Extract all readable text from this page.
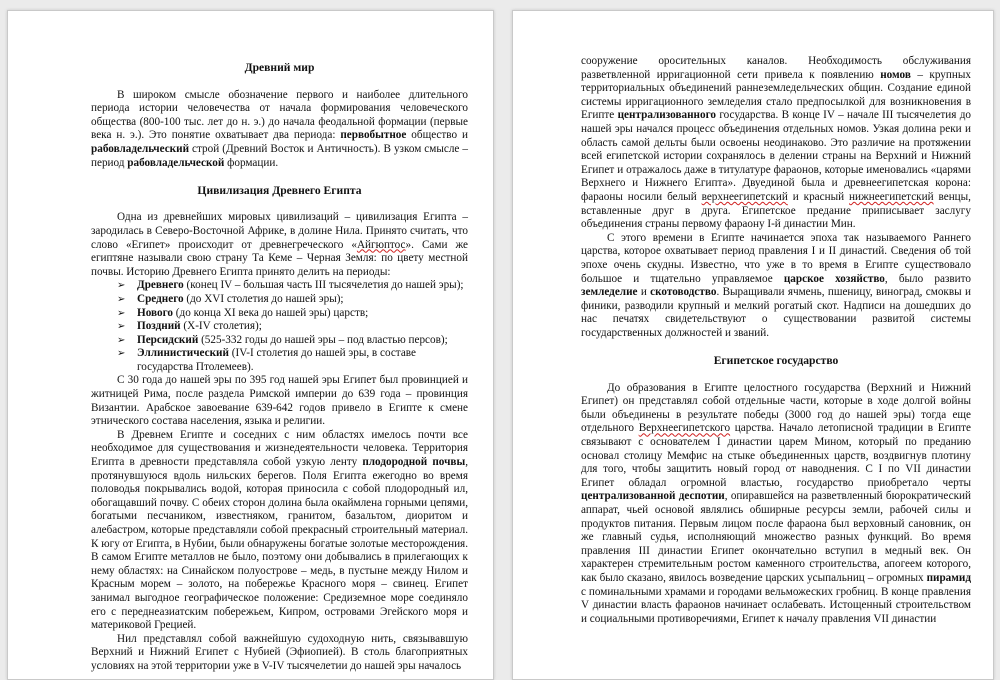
Древний мир

В широком смысле обозначение первого и наиболее длительного периода истории человечества от начала формирования человеческого общества (800-100 тыс. лет до н. э.) до начала феодальной формации (первые века н. э.). Это понятие охватывает два периода: первобытное общество и рабовладельческий строй (Древний Восток и Античность). В узком смысле – период рабовладельческой формации.

Цивилизация Древнего Египта

Одна из древнейших мировых цивилизаций – цивилизация Египта – зародилась в Северо-Восточной Африке, в долине Нила. Принято считать, что слово «Египет» происходит от древнегреческого «Айгюптос». Сами же египтяне называли свою страну Та Кеме – Черная Земля: по цвету местной почвы. Историю Древнего Египта принято делить на периоды:

➢ Древнего (конец IV – большая часть III тысячелетия до нашей эры);
➢ Среднего (до XVI столетия до нашей эры);
➢ Нового (до конца XI века до нашей эры) царств;
➢ Поздний (X-IV столетия);
➢ Персидский (525-332 годы до нашей эры – под властью персов);
➢ Эллинистический (IV-I столетия до нашей эры, в составе государства Птолемеев).

С 30 года до нашей эры по 395 год нашей эры Египет был провинцией и житницей Рима, после раздела Римской империи до 639 года – провинция Византии. Арабское завоевание 639-642 годов привело в Египте к смене этнического состава населения, языка и религии.

В Древнем Египте и соседних с ним областях имелось почти все необходимое для существования и жизнедеятельности человека. Территория Египта в древности представляла собой узкую ленту плодородной почвы, протянувшуюся вдоль нильских берегов. Поля Египта ежегодно во время половодья покрывались водой, которая приносила с собой плодородный ил, обогащавший почву. С обеих сторон долина была окаймлена горными цепями, богатыми песчаником, известняком, гранитом, базальтом, диоритом и алебастром, которые представляли собой прекрасный строительный материал. К югу от Египта, в Нубии, были обнаружены богатые золотые месторождения. В самом Египте металлов не было, поэтому они добывались в прилегающих к нему областях: на Синайском полуострове – медь, в пустыне между Нилом и Красным морем – золото, на побережье Красного моря – свинец. Египет занимал выгодное географическое положение: Средиземное море соединяло его с переднеазиатским побережьем, Кипром, островами Эгейского моря и материковой Грецией.

Нил представлял собой важнейшую судоходную нить, связывавшую Верхний и Нижний Египет с Нубией (Эфиопией). В столь благоприятных условиях на этой территории уже в V-IV тысячелетии до нашей эры началось

сооружение оросительных каналов. Необходимость обслуживания разветвленной ирригационной сети привела к появлению номов – крупных территориальных объединений раннеземледельческих общин. Создание единой системы ирригационного земледелия стало предпосылкой для возникновения в Египте централизованного государства. В конце IV – начале III тысячелетия до нашей эры начался процесс объединения отдельных номов. Узкая долина реки и область самой дельты были освоены неодинаково. Это различие на протяжении всей египетской истории сохранялось в делении страны на Верхний и Нижний Египет и отражалось даже в титулатуре фараонов, которые именовались «царями Верхнего и Нижнего Египта». Двуединой была и древнеегипетская корона: фараоны носили белый верхнеегипетский и красный нижнеегипетский венцы, вставленные друг в друга. Египетское предание приписывает заслугу объединения страны первому фараону I-й династии Мин.

С этого времени в Египте начинается эпоха так называемого Раннего царства, которое охватывает период правления I и II династий. Сведения об той эпохе очень скудны. Известно, что уже в то время в Египте существовало большое и тщательно управляемое царское хозяйство, было развито земледелие и скотоводство. Выращивали ячмень, пшеницу, виноград, смоквы и финики, разводили крупный и мелкий рогатый скот. Надписи на дошедших до нас печатях свидетельствуют о существовании развитой системы государственных должностей и званий.

Египетское государство

До образования в Египте целостного государства (Верхний и Нижний Египет) он представлял собой отдельные части, которые в ходе долгой войны были объединены в результате победы (3000 год до нашей эры) тогда еще отдельного Верхнеегипетского царства. Начало летописной традиции в Египте связывают с основателем I династии царем Мином, который по преданию основал столицу Мемфис на стыке объединенных царств, воздвигнув плотину для того, чтобы защитить новый город от наводнения. С I по VII династии Египет обладал огромной властью, государство приобретало черты централизованной деспотии, опиравшейся на разветвленный бюрократический аппарат, чьей основой являлись обширные ресурсы земли, рабочей силы и продуктов питания. Первым лицом после фараона был верховный сановник, он же главный судья, исполняющий множество разных функций. Во время правления III династии Египет окончательно вступил в медный век. Он характерен стремительным ростом каменного строительства, апогеем которого, как было сказано, явилось возведение царских усыпальниц – огромных пирамид с поминальными храмами и городами вельможеских гробниц. В конце правления V династии власть фараонов начинает ослабевать. Истощенный строительством и социальными противоречиями, Египет к началу правления VII династии
